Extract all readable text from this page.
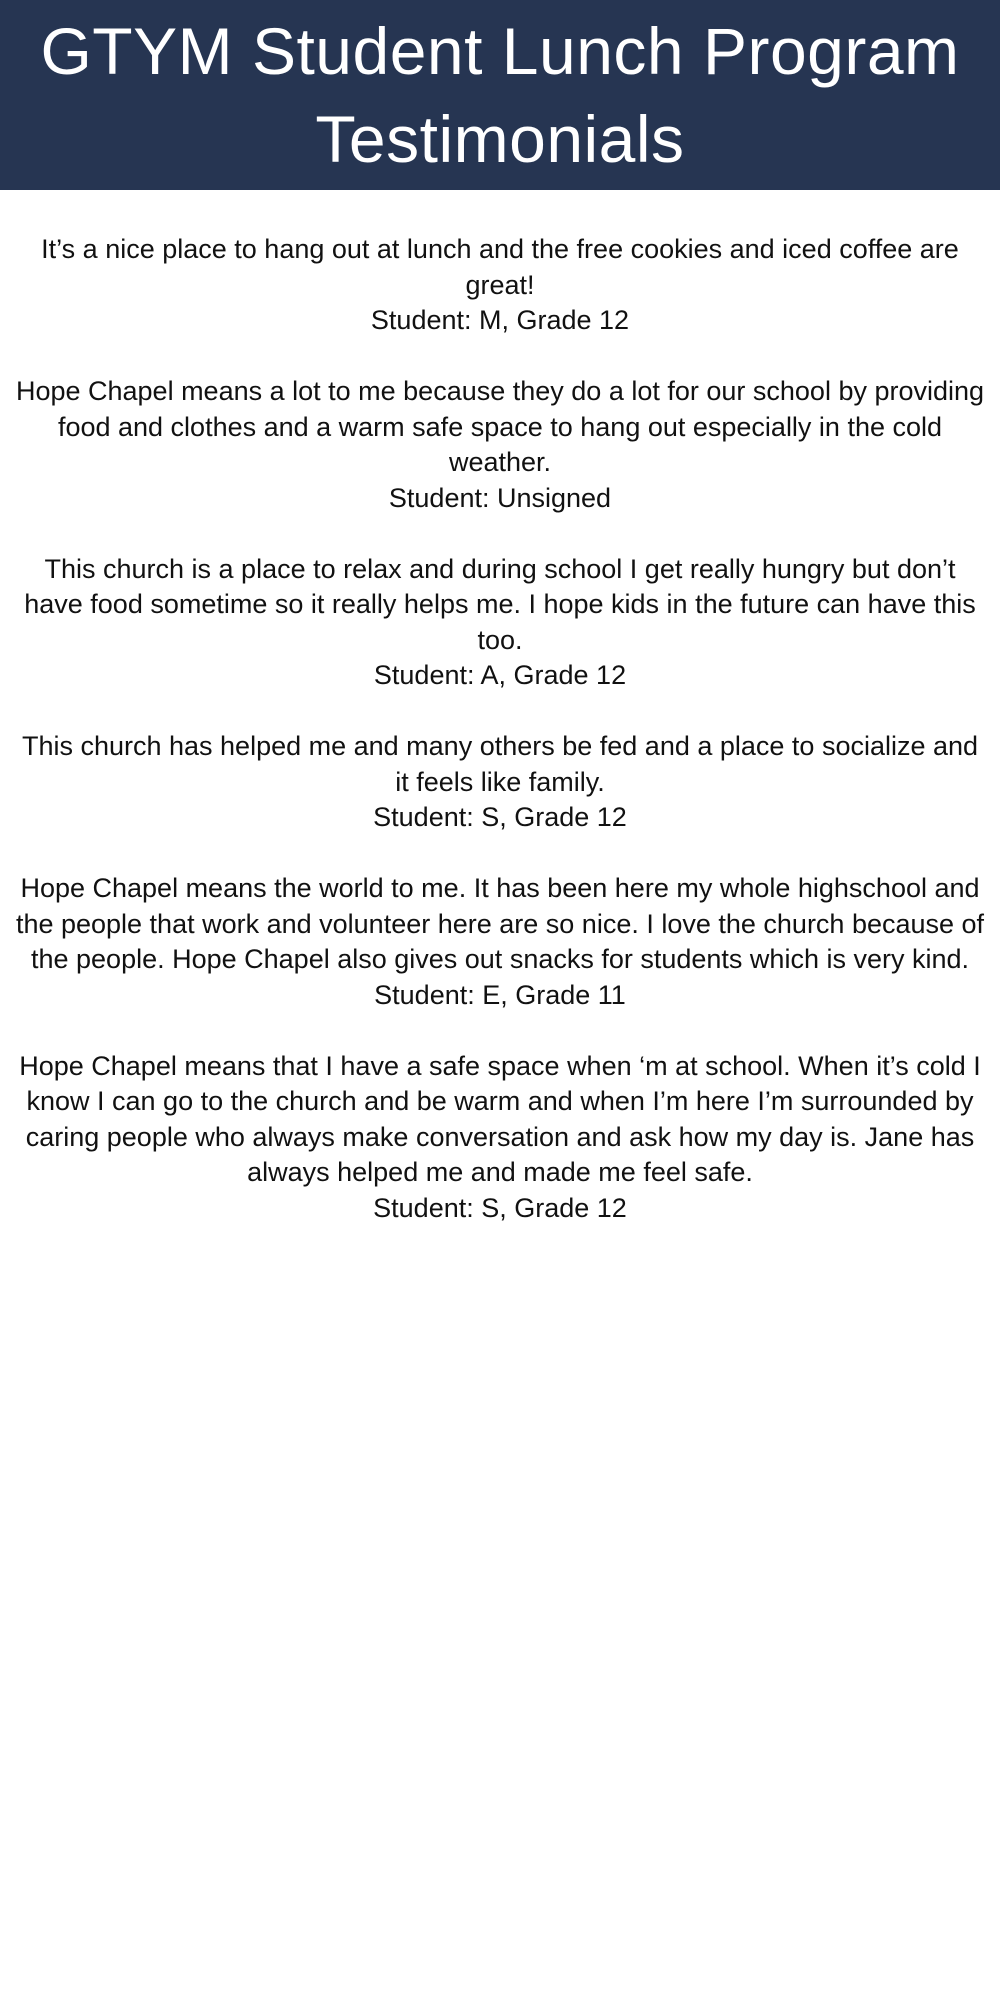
GTYM Student Lunch Program Testimonials
It’s a nice place to hang out at lunch and the free cookies and iced coffee are great!
Student: M, Grade 12
Hope Chapel means a lot to me because they do a lot for our school by providing food and clothes and a warm safe space to hang out especially in the cold weather.
Student: Unsigned
This church is a place to relax and during school I get really hungry but don’t have food sometime so it really helps me. I hope kids in the future can have this too.
Student: A, Grade 12
This church has helped me and many others be fed and a place to socialize and it feels like family.
Student: S, Grade 12
Hope Chapel means the world to me. It has been here my whole highschool and the people that work and volunteer here are so nice. I love the church because of the people. Hope Chapel also gives out snacks for students which is very kind.
Student: E, Grade 11
Hope Chapel means that I have a safe space when ‘m at school. When it’s cold I know I can go to the church and be warm and when I’m here I’m surrounded by caring people who always make conversation and ask how my day is. Jane has always helped me and made me feel safe.
Student: S, Grade 12
